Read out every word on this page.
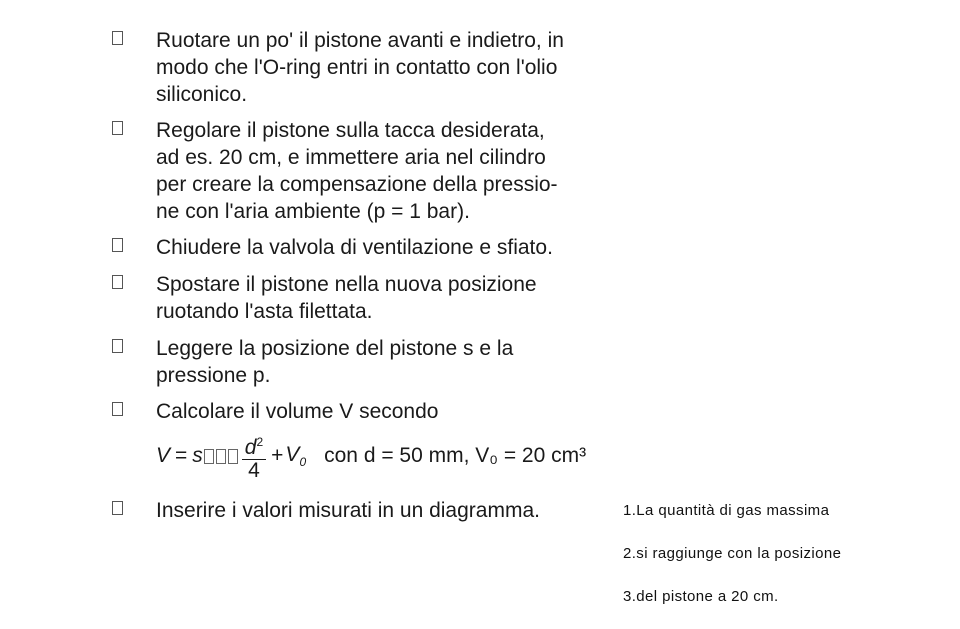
Ruotare un po' il pistone avanti e indietro, in
modo che l'O-ring entri in contatto con l'olio
siliconico.
Regolare il pistone sulla tacca desiderata,
ad es. 20 cm, e immettere aria nel cilindro
per creare la compensazione della pressio-
ne con l'aria ambiente (p = 1 bar).
Chiudere la valvola di ventilazione e sfiato.
Spostare il pistone nella nuova posizione
ruotando l'asta filettata.
Leggere la posizione del pistone s e la
pressione p.
Calcolare il volume V secondo
Inserire i valori misurati in un diagramma.
V = s $\frac{d^2}{4} + V_0$ con d = 50 mm, V₀ = 20 cm³

1.La quantità di gas massima

2.si raggiunge con la posizione

3.del pistone a 20 cm.
